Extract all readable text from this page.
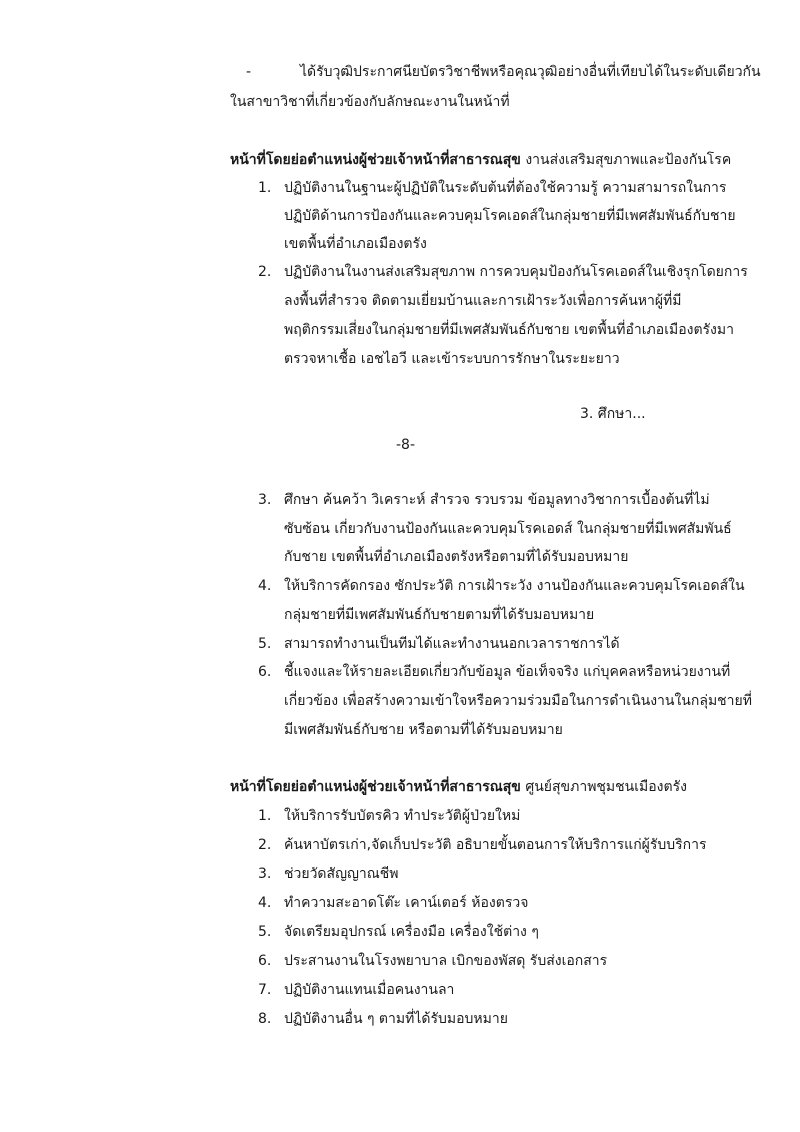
-	ได้รับวุฒิประกาศนียบัตรวิชาชีพหรือคุณวุฒิอย่างอื่นที่เทียบได้ในระดับเดียวกัน
ในสาขาวิชาที่เกี่ยวข้องกับลักษณะงานในหน้าที่
หน้าที่โดยย่อตำแหน่งผู้ช่วยเจ้าหน้าที่สาธารณสุข งานส่งเสริมสุขภาพและป้องกันโรค
1. ปฏิบัติงานในฐานะผู้ปฏิบัติในระดับต้นที่ต้องใช้ความรู้ ความสามารถในการ
ปฏิบัติด้านการป้องกันและควบคุมโรคเอดส์ในกลุ่มชายที่มีเพศสัมพันธ์กับชาย
เขตพื้นที่อำเภอเมืองตรัง
2. ปฏิบัติงานในงานส่งเสริมสุขภาพ การควบคุมป้องกันโรคเอดส์ในเชิงรุกโดยการ
ลงพื้นที่สำรวจ ติดตามเยี่ยมบ้านและการเฝ้าระวังเพื่อการค้นหาผู้ที่มี
พฤติกรรมเสี่ยงในกลุ่มชายที่มีเพศสัมพันธ์กับชาย เขตพื้นที่อำเภอเมืองตรังมา
ตรวจหาเชื้อ เอชไอวี และเข้าระบบการรักษาในระยะยาว
3. ศึกษา...
-8-
3. ศึกษา ค้นคว้า วิเคราะห์ สำรวจ รวบรวม ข้อมูลทางวิชาการเบื้องต้นที่ไม่
ซับซ้อน เกี่ยวกับงานป้องกันและควบคุมโรคเอดส์ ในกลุ่มชายที่มีเพศสัมพันธ์
กับชาย เขตพื้นที่อำเภอเมืองตรังหรือตามที่ได้รับมอบหมาย
4. ให้บริการคัดกรอง ซักประวัติ การเฝ้าระวัง งานป้องกันและควบคุมโรคเอดส์ใน
กลุ่มชายที่มีเพศสัมพันธ์กับชายตามที่ได้รับมอบหมาย
5. สามารถทำงานเป็นทีมได้และทำงานนอกเวลาราชการได้
6. ชี้แจงและให้รายละเอียดเกี่ยวกับข้อมูล ข้อเท็จจริง แก่บุคคลหรือหน่วยงานที่
เกี่ยวข้อง เพื่อสร้างความเข้าใจหรือความร่วมมือในการดำเนินงานในกลุ่มชายที่
มีเพศสัมพันธ์กับชาย หรือตามที่ได้รับมอบหมาย
หน้าที่โดยย่อตำแหน่งผู้ช่วยเจ้าหน้าที่สาธารณสุข ศูนย์สุขภาพชุมชนเมืองตรัง
1. ให้บริการรับบัตรคิว ทำประวัติผู้ป่วยใหม่
2. ค้นหาบัตรเก่า,จัดเก็บประวัติ อธิบายขั้นตอนการให้บริการแก่ผู้รับบริการ
3. ช่วยวัดสัญญาณชีพ
4. ทำความสะอาดโต๊ะ เคาน์เตอร์ ห้องตรวจ
5. จัดเตรียมอุปกรณ์ เครื่องมือ เครื่องใช้ต่าง ๆ
6. ประสานงานในโรงพยาบาล เบิกของพัสดุ รับส่งเอกสาร
7. ปฏิบัติงานแทนเมื่อคนงานลา
8. ปฏิบัติงานอื่น ๆ ตามที่ได้รับมอบหมาย
